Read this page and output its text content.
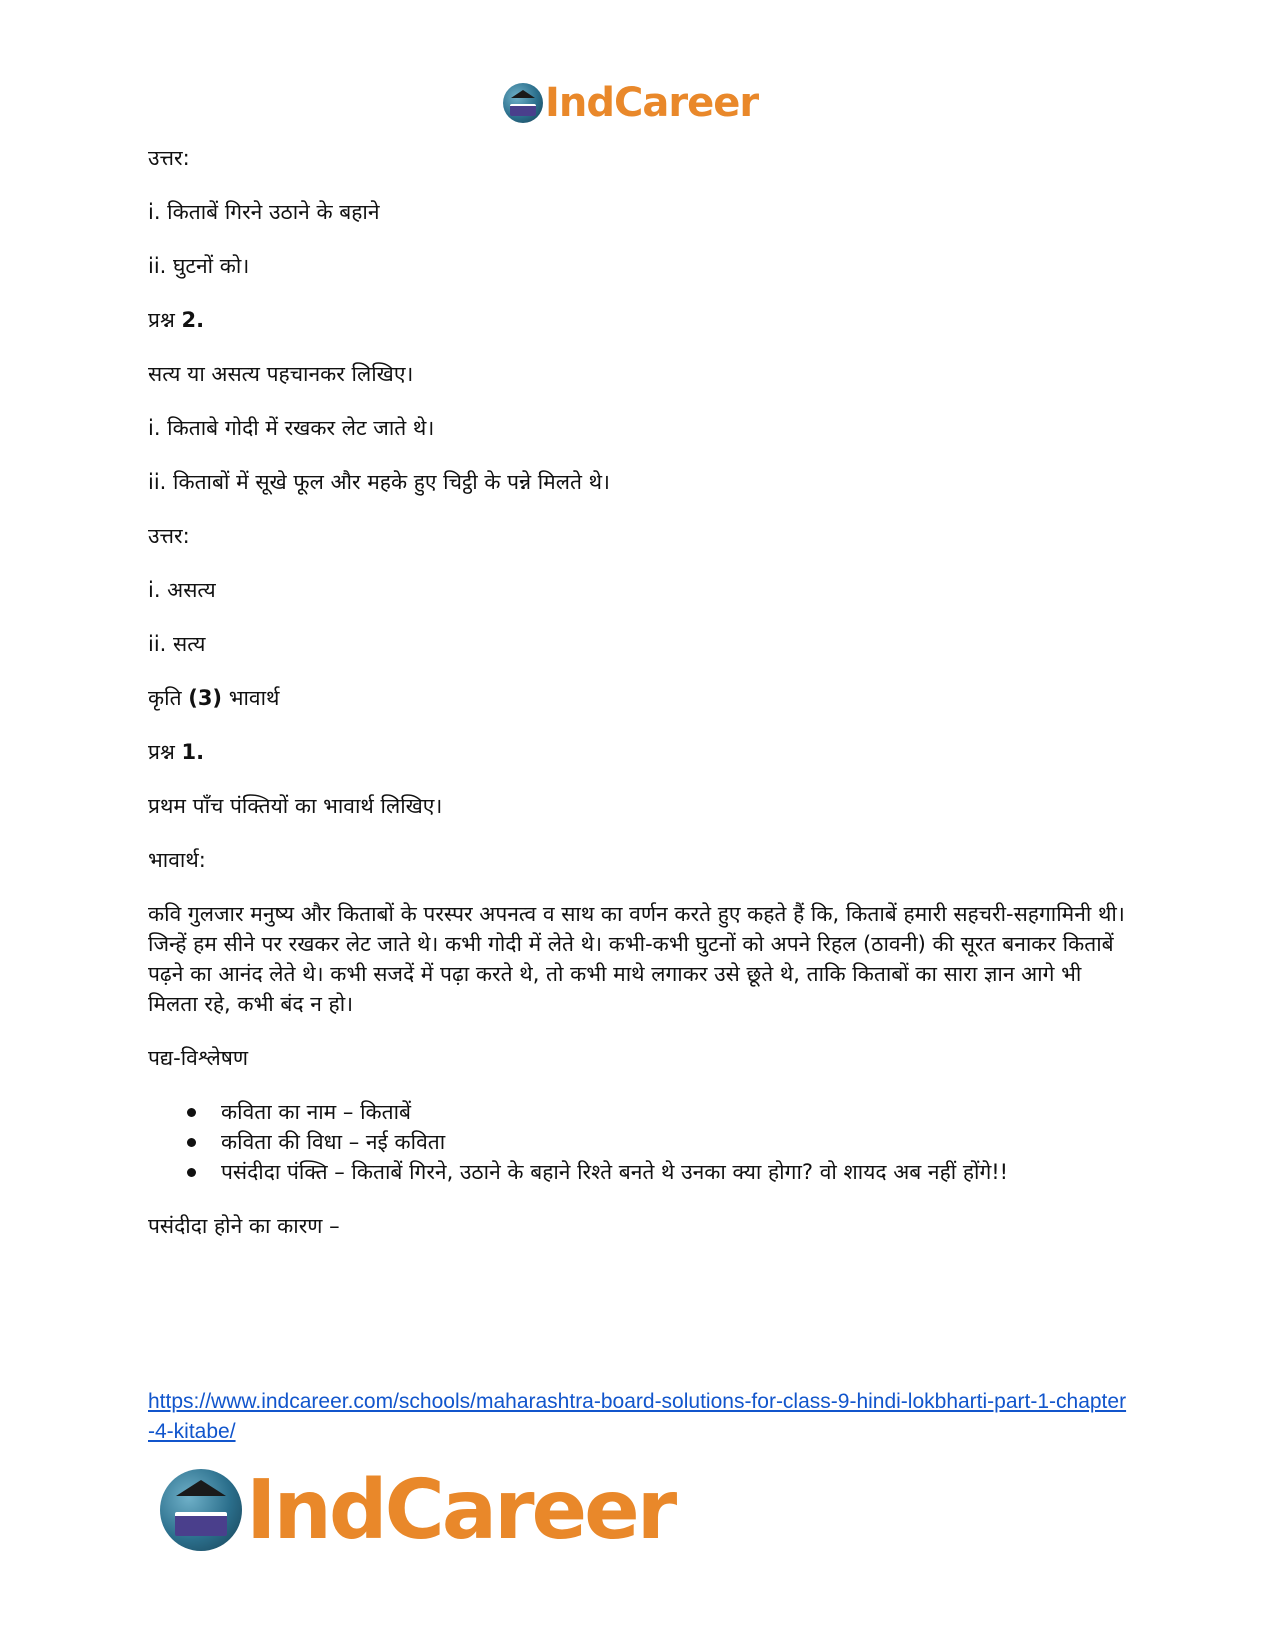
IndCareer

उत्तर:

i. किताबें गिरने उठाने के बहाने

ii. घुटनों को।

प्रश्न 2.

सत्य या असत्य पहचानकर लिखिए।

i. किताबे गोदी में रखकर लेट जाते थे।

ii. किताबों में सूखे फूल और महके हुए चिट्ठी के पन्ने मिलते थे।

उत्तर:

i. असत्य

ii. सत्य

कृति (3) भावार्थ

प्रश्न 1.

प्रथम पाँच पंक्तियों का भावार्थ लिखिए।

भावार्थ:

कवि गुलजार मनुष्य और किताबों के परस्पर अपनत्व व साथ का वर्णन करते हुए कहते हैं कि, किताबें हमारी सहचरी-सहगामिनी थी। जिन्हें हम सीने पर रखकर लेट जाते थे। कभी गोदी में लेते थे। कभी-कभी घुटनों को अपने रिहल (ठावनी) की सूरत बनाकर किताबें पढ़ने का आनंद लेते थे। कभी सजदें में पढ़ा करते थे, तो कभी माथे लगाकर उसे छूते थे, ताकि किताबों का सारा ज्ञान आगे भी मिलता रहे, कभी बंद न हो।

पद्य-विश्लेषण

कविता का नाम – किताबें
कविता की विधा – नई कविता
पसंदीदा पंक्ति – किताबें गिरने, उठाने के बहाने रिश्ते बनते थे उनका क्या होगा? वो शायद अब नहीं होंगे!!

पसंदीदा होने का कारण –

https://www.indcareer.com/schools/maharashtra-board-solutions-for-class-9-hindi-lokbharti-part-1-chapter-4-kitabe/
IndCareer
